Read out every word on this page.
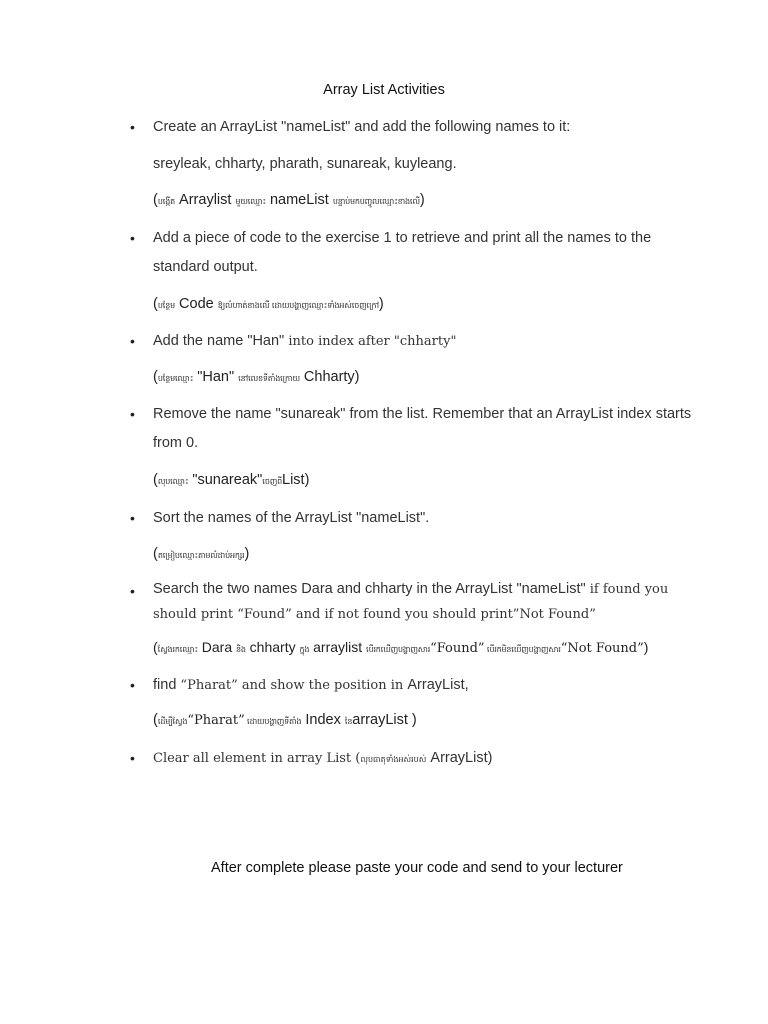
Array List Activities
• Create an ArrayList "nameList" and add the following names to it:
sreyleak, chharty, pharath, sunareak, kuyleang.
(បង្កើត Arraylist មួយឈ្មោះ nameList បន្ទាប់មកបញ្ចូលឈ្មោះខាងលើ)
• Add a piece of code to the exercise 1 to retrieve and print all the names to the standard output.
(បន្ថែម Code ឱ្យលំហាត់ខាងលើ ដោយបង្ហាញឈ្មោះទាំងអស់ចេញក្រៅ)
• Add the name "Han" into index after "chharty"
(បន្ថែមឈ្មោះ "Han" នៅលេខទីតាំងក្រោយ Chharty)
• Remove the name "sunareak" from the list. Remember that an ArrayList index starts from 0.
(លុបឈ្មោះ "sunareak"ចេញពីList)
• Sort the names of the ArrayList "nameList".
(តម្រៀបឈ្មោះតាមលំដាប់អក្សរ)
• Search the two names Dara and chharty in the ArrayList "nameList" if found you should print “Found” and if not found you should print”Not Found”
(ស្វែងរកឈ្មោះ Dara និង chharty ក្នុង arraylist បើរកឃើញបង្ហាញសារ“Found” បើរកមិនឃើញបង្ហាញសារ“Not Found”)
• find “Pharat” and show the position in ArrayList,
(ដើម្បីស្វែង“Pharat” ដោយបង្ហាញទីតាំង Index នៃarrayList )
• Clear all element in array List (លុបធាតុទាំងអស់របស់ ArrayList)
After complete please paste your code and send to your lecturer
